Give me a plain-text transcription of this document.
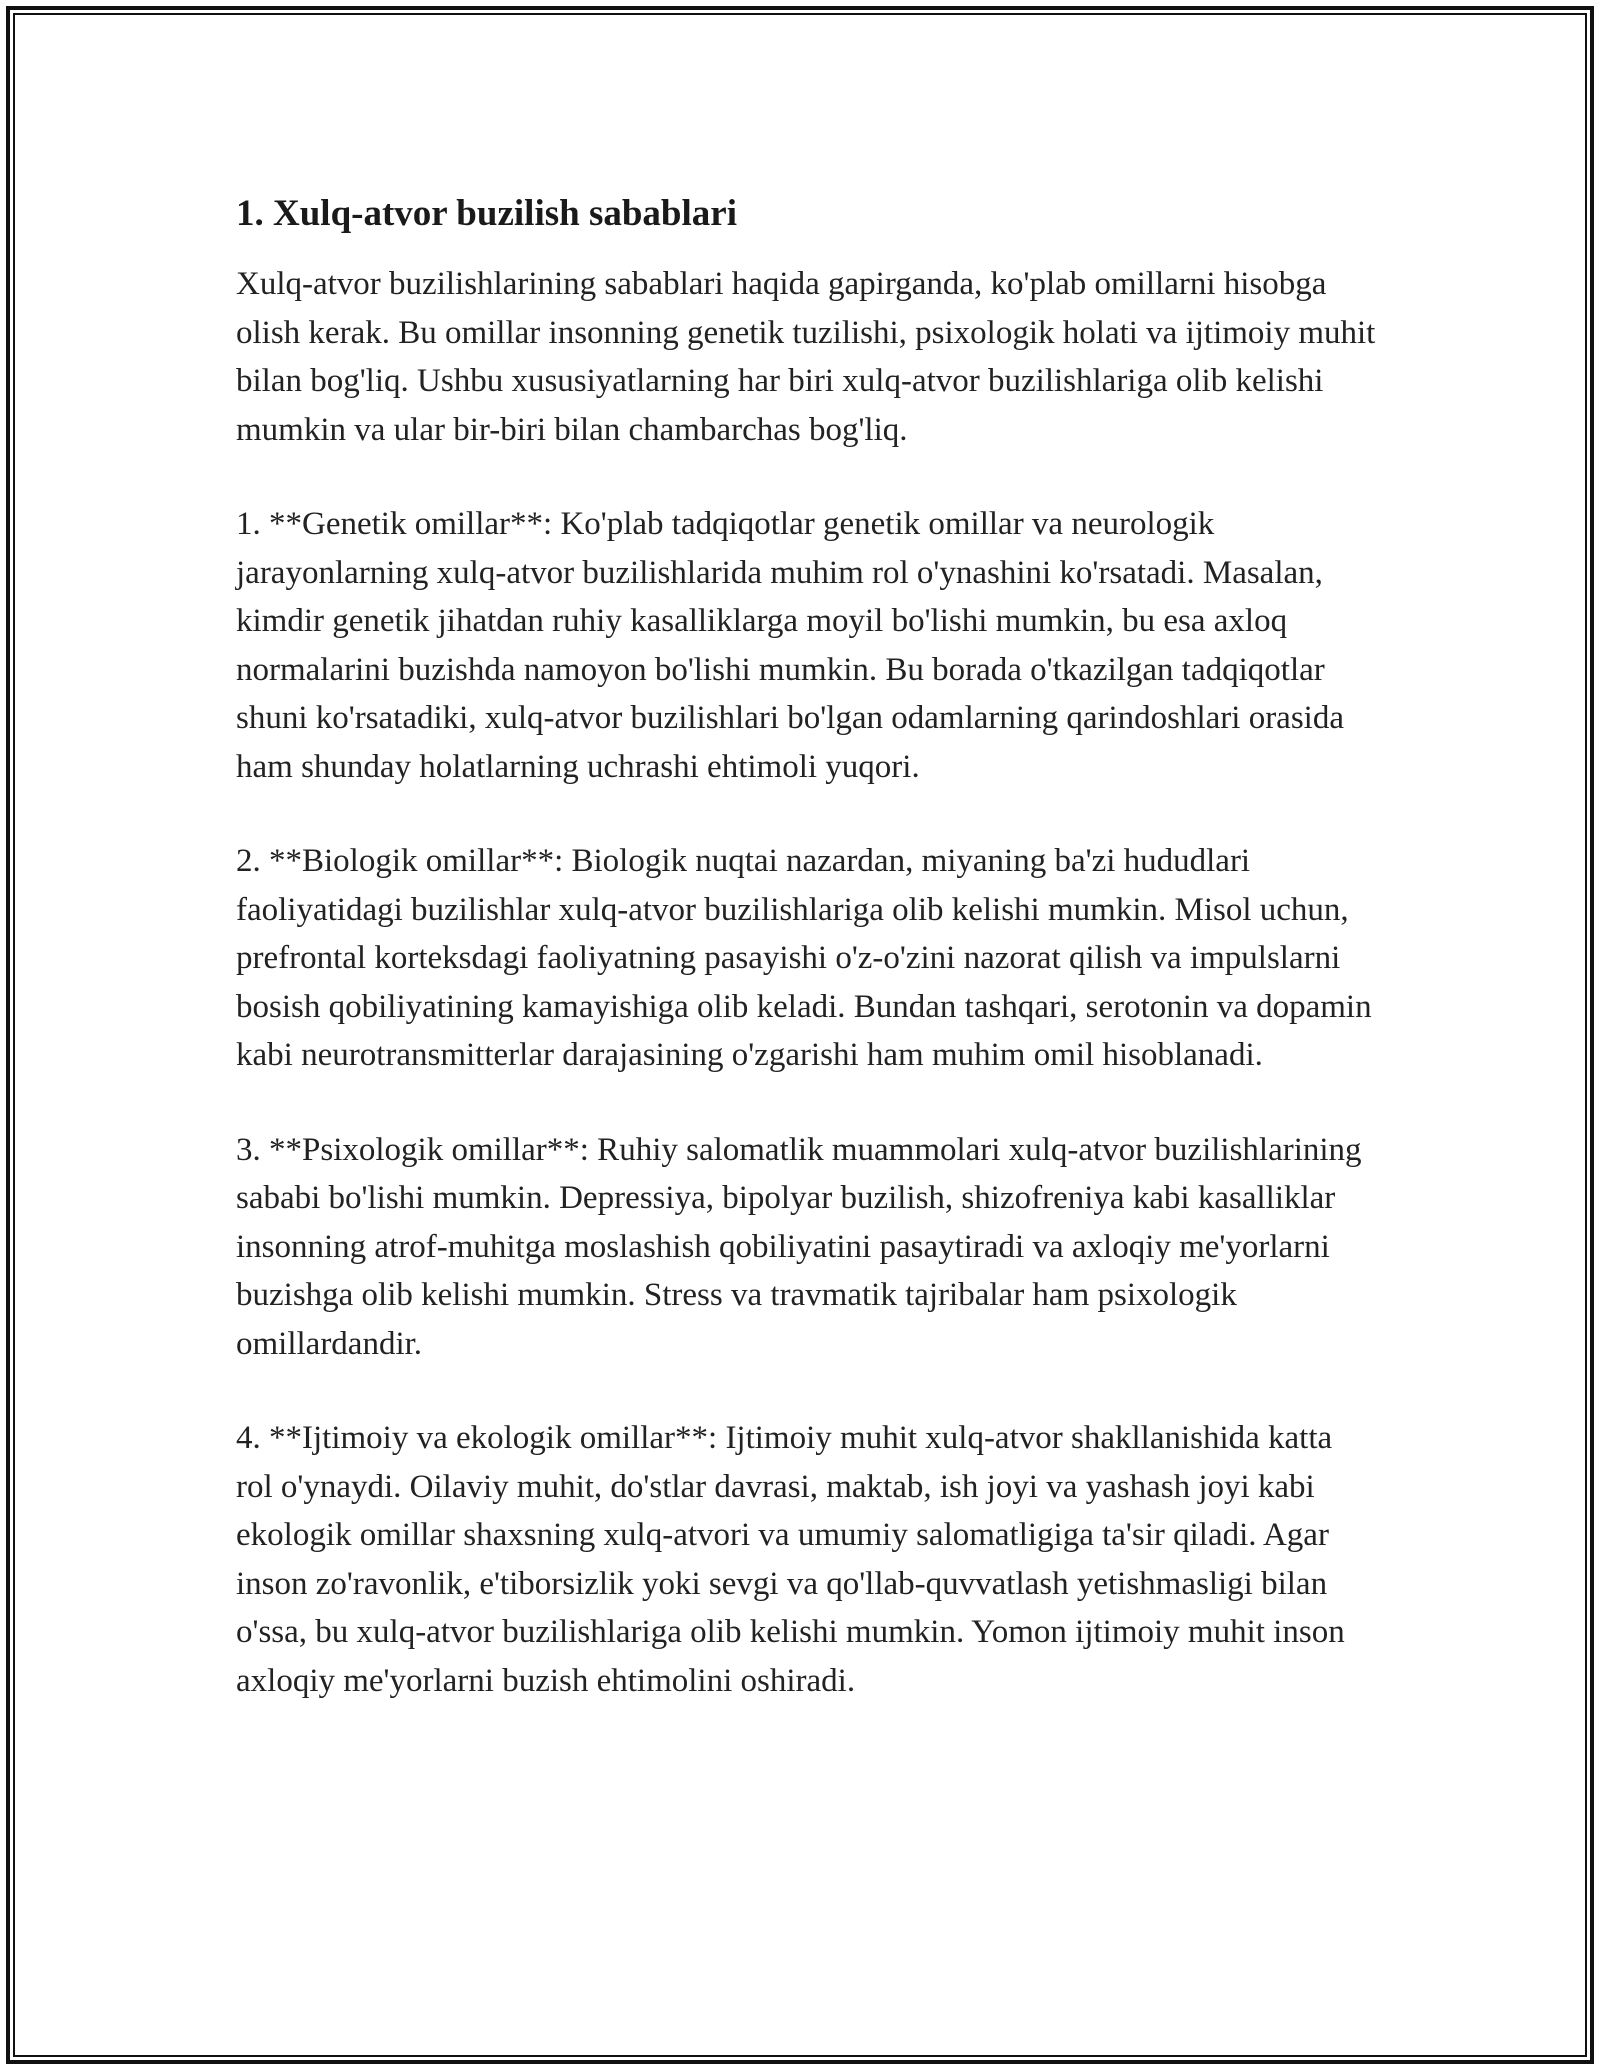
1. Xulq-atvor buzilish sabablari

Xulq-atvor buzilishlarining sabablari haqida gapirganda, ko'plab omillarni hisobga olish kerak. Bu omillar insonning genetik tuzilishi, psixologik holati va ijtimoiy muhit bilan bog'liq. Ushbu xususiyatlarning har biri xulq-atvor buzilishlariga olib kelishi mumkin va ular bir-biri bilan chambarchas bog'liq.

1. **Genetik omillar**: Ko'plab tadqiqotlar genetik omillar va neurologik jarayonlarning xulq-atvor buzilishlarida muhim rol o'ynashini ko'rsatadi. Masalan, kimdir genetik jihatdan ruhiy kasalliklarga moyil bo'lishi mumkin, bu esa axloq normalarini buzishda namoyon bo'lishi mumkin. Bu borada o'tkazilgan tadqiqotlar shuni ko'rsatadiki, xulq-atvor buzilishlari bo'lgan odamlarning qarindoshlari orasida ham shunday holatlarning uchrashi ehtimoli yuqori.

2. **Biologik omillar**: Biologik nuqtai nazardan, miyaning ba'zi hududlari faoliyatidagi buzilishlar xulq-atvor buzilishlariga olib kelishi mumkin. Misol uchun, prefrontal korteksdagi faoliyatning pasayishi o'z-o'zini nazorat qilish va impulslarni bosish qobiliyatining kamayishiga olib keladi. Bundan tashqari, serotonin va dopamin kabi neurotransmitterlar darajasining o'zgarishi ham muhim omil hisoblanadi.

3. **Psixologik omillar**: Ruhiy salomatlik muammolari xulq-atvor buzilishlarining sababi bo'lishi mumkin. Depressiya, bipolyar buzilish, shizofreniya kabi kasalliklar insonning atrof-muhitga moslashish qobiliyatini pasaytiradi va axloqiy me'yorlarni buzishga olib kelishi mumkin. Stress va travmatik tajribalar ham psixologik omillardandir.

4. **Ijtimoiy va ekologik omillar**: Ijtimoiy muhit xulq-atvor shakllanishida katta rol o'ynaydi. Oilaviy muhit, do'stlar davrasi, maktab, ish joyi va yashash joyi kabi ekologik omillar shaxsning xulq-atvori va umumiy salomatligiga ta'sir qiladi. Agar inson zo'ravonlik, e'tiborsizlik yoki sevgi va qo'llab-quvvatlash yetishmasligi bilan o'ssa, bu xulq-atvor buzilishlariga olib kelishi mumkin. Yomon ijtimoiy muhit inson axloqiy me'yorlarni buzish ehtimolini oshiradi.
